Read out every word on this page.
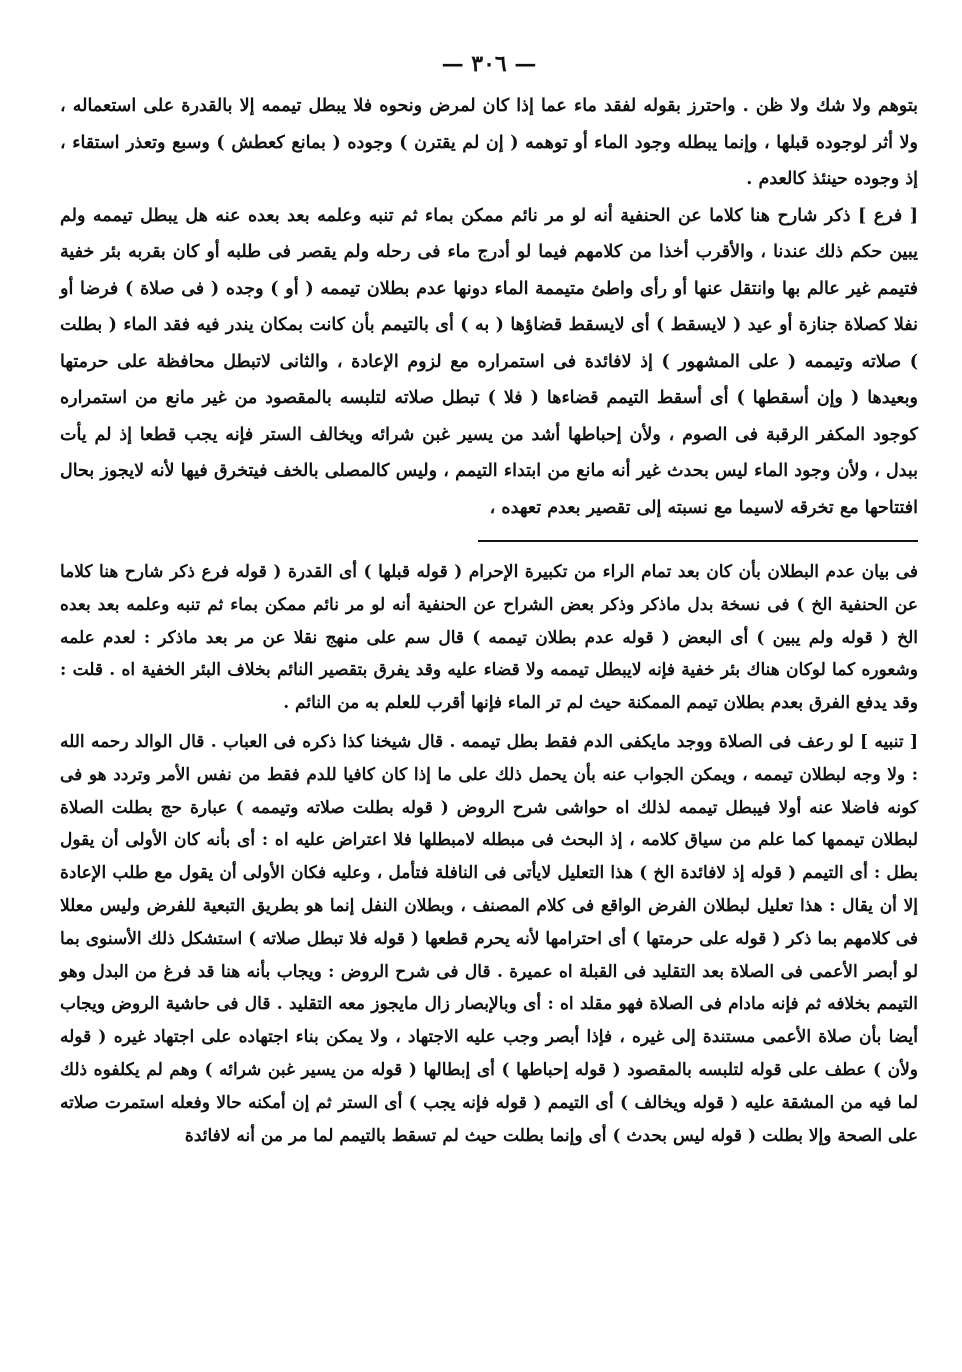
— ٣٠٦ —

بتوهم ولا شك ولا ظن . واحترز بقوله لفقد ماء عما إذا كان لمرض ونحوه فلا يبطل تيممه إلا بالقدرة على استعماله ، ولا أثر لوجوده قبلها ، وإنما يبطله وجود الماء أو توهمه ( إن لم يقترن ) وجوده ( بمانع كعطش ) وسبع وتعذر استقاء ، إذ وجوده حينئذ كالعدم .

[ فرع ] ذكر شارح هنا كلاما عن الحنفية أنه لو مر نائم ممكن بماء ثم تنبه وعلمه بعد بعده عنه هل يبطل تيممه ولم يبين حكم ذلك عندنا ، والأقرب أخذا من كلامهم فيما لو أدرج ماء فى رحله ولم يقصر فى طلبه أو كان بقربه بئر خفية فتيمم غير عالم بها وانتقل عنها أو رأى واطئ متيممة الماء دونها عدم بطلان تيممه ( أو ) وجده ( فى صلاة ) فرضا أو نفلا كصلاة جنازة أو عيد ( لايسقط ) أى لايسقط قضاؤها ( به ) أى بالتيمم بأن كانت بمكان يندر فيه فقد الماء ( بطلت ) صلاته وتيممه ( على المشهور ) إذ لافائدة فى استمراره مع لزوم الإعادة ، والثانى لاتبطل محافظة على حرمتها وبعيدها ( وإن أسقطها ) أى أسقط التيمم قضاءها ( فلا ) تبطل صلاته لتلبسه بالمقصود من غير مانع من استمراره كوجود المكفر الرقبة فى الصوم ، ولأن إحباطها أشد من يسير غبن شرائه ويخالف الستر فإنه يجب قطعا إذ لم يأت ببدل ، ولأن وجود الماء ليس بحدث غير أنه مانع من ابتداء التيمم ، وليس كالمصلى بالخف فيتخرق فيها لأنه لايجوز بحال افتتاحها مع تخرقه لاسيما مع نسبته إلى تقصير بعدم تعهده ،

فى بيان عدم البطلان بأن كان بعد تمام الراء من تكبيرة الإحرام ( قوله قبلها ) أى القدرة ( قوله فرع ذكر شارح هنا كلاما عن الحنفية الخ ) فى نسخة بدل ماذكر وذكر بعض الشراح عن الحنفية أنه لو مر نائم ممكن بماء ثم تنبه وعلمه بعد بعده الخ ( قوله ولم يبين ) أى البعض ( قوله عدم بطلان تيممه ) قال سم على منهج نقلا عن مر بعد ماذكر : لعدم علمه وشعوره كما لوكان هناك بئر خفية فإنه لايبطل تيممه ولا قضاء عليه وقد يفرق بتقصير النائم بخلاف البئر الخفية اه . قلت : وقد يدفع الفرق بعدم بطلان تيمم الممكنة حيث لم تر الماء فإنها أقرب للعلم به من النائم .

[ تنبيه ] لو رعف فى الصلاة ووجد مايكفى الدم فقط بطل تيممه . قال شيخنا كذا ذكره فى العباب . قال الوالد رحمه الله : ولا وجه لبطلان تيممه ، ويمكن الجواب عنه بأن يحمل ذلك على ما إذا كان كافيا للدم فقط من نفس الأمر وتردد هو فى كونه فاضلا عنه أولا فيبطل تيممه لذلك اه حواشى شرح الروض ( قوله بطلت صلاته وتيممه ) عبارة حج بطلت الصلاة لبطلان تيممها كما علم من سياق كلامه ، إذ البحث فى مبطله لامبطلها فلا اعتراض عليه اه : أى بأنه كان الأولى أن يقول بطل : أى التيمم ( قوله إذ لافائدة الخ ) هذا التعليل لايأتى فى النافلة فتأمل ، وعليه فكان الأولى أن يقول مع طلب الإعادة إلا أن يقال : هذا تعليل لبطلان الفرض الواقع فى كلام المصنف ، وبطلان النفل إنما هو بطريق التبعية للفرض وليس معللا فى كلامهم بما ذكر ( قوله على حرمتها ) أى احترامها لأنه يحرم قطعها ( قوله فلا تبطل صلاته ) استشكل ذلك الأسنوى بما لو أبصر الأعمى فى الصلاة بعد التقليد فى القبلة اه عميرة . قال فى شرح الروض : ويجاب بأنه هنا قد فرغ من البدل وهو التيمم بخلافه ثم فإنه مادام فى الصلاة فهو مقلد اه : أى وبالإبصار زال مايجوز معه التقليد . قال فى حاشية الروض ويجاب أيضا بأن صلاة الأعمى مستندة إلى غيره ، فإذا أبصر وجب عليه الاجتهاد ، ولا يمكن بناء اجتهاده على اجتهاد غيره ( قوله ولأن ) عطف على قوله لتلبسه بالمقصود ( قوله إحباطها ) أى إبطالها ( قوله من يسير غبن شرائه ) وهم لم يكلفوه ذلك لما فيه من المشقة عليه ( قوله ويخالف ) أى التيمم ( قوله فإنه يجب ) أى الستر ثم إن أمكنه حالا وفعله استمرت صلاته على الصحة وإلا بطلت ( قوله ليس بحدث ) أى وإنما بطلت حيث لم تسقط بالتيمم لما مر من أنه لافائدة
